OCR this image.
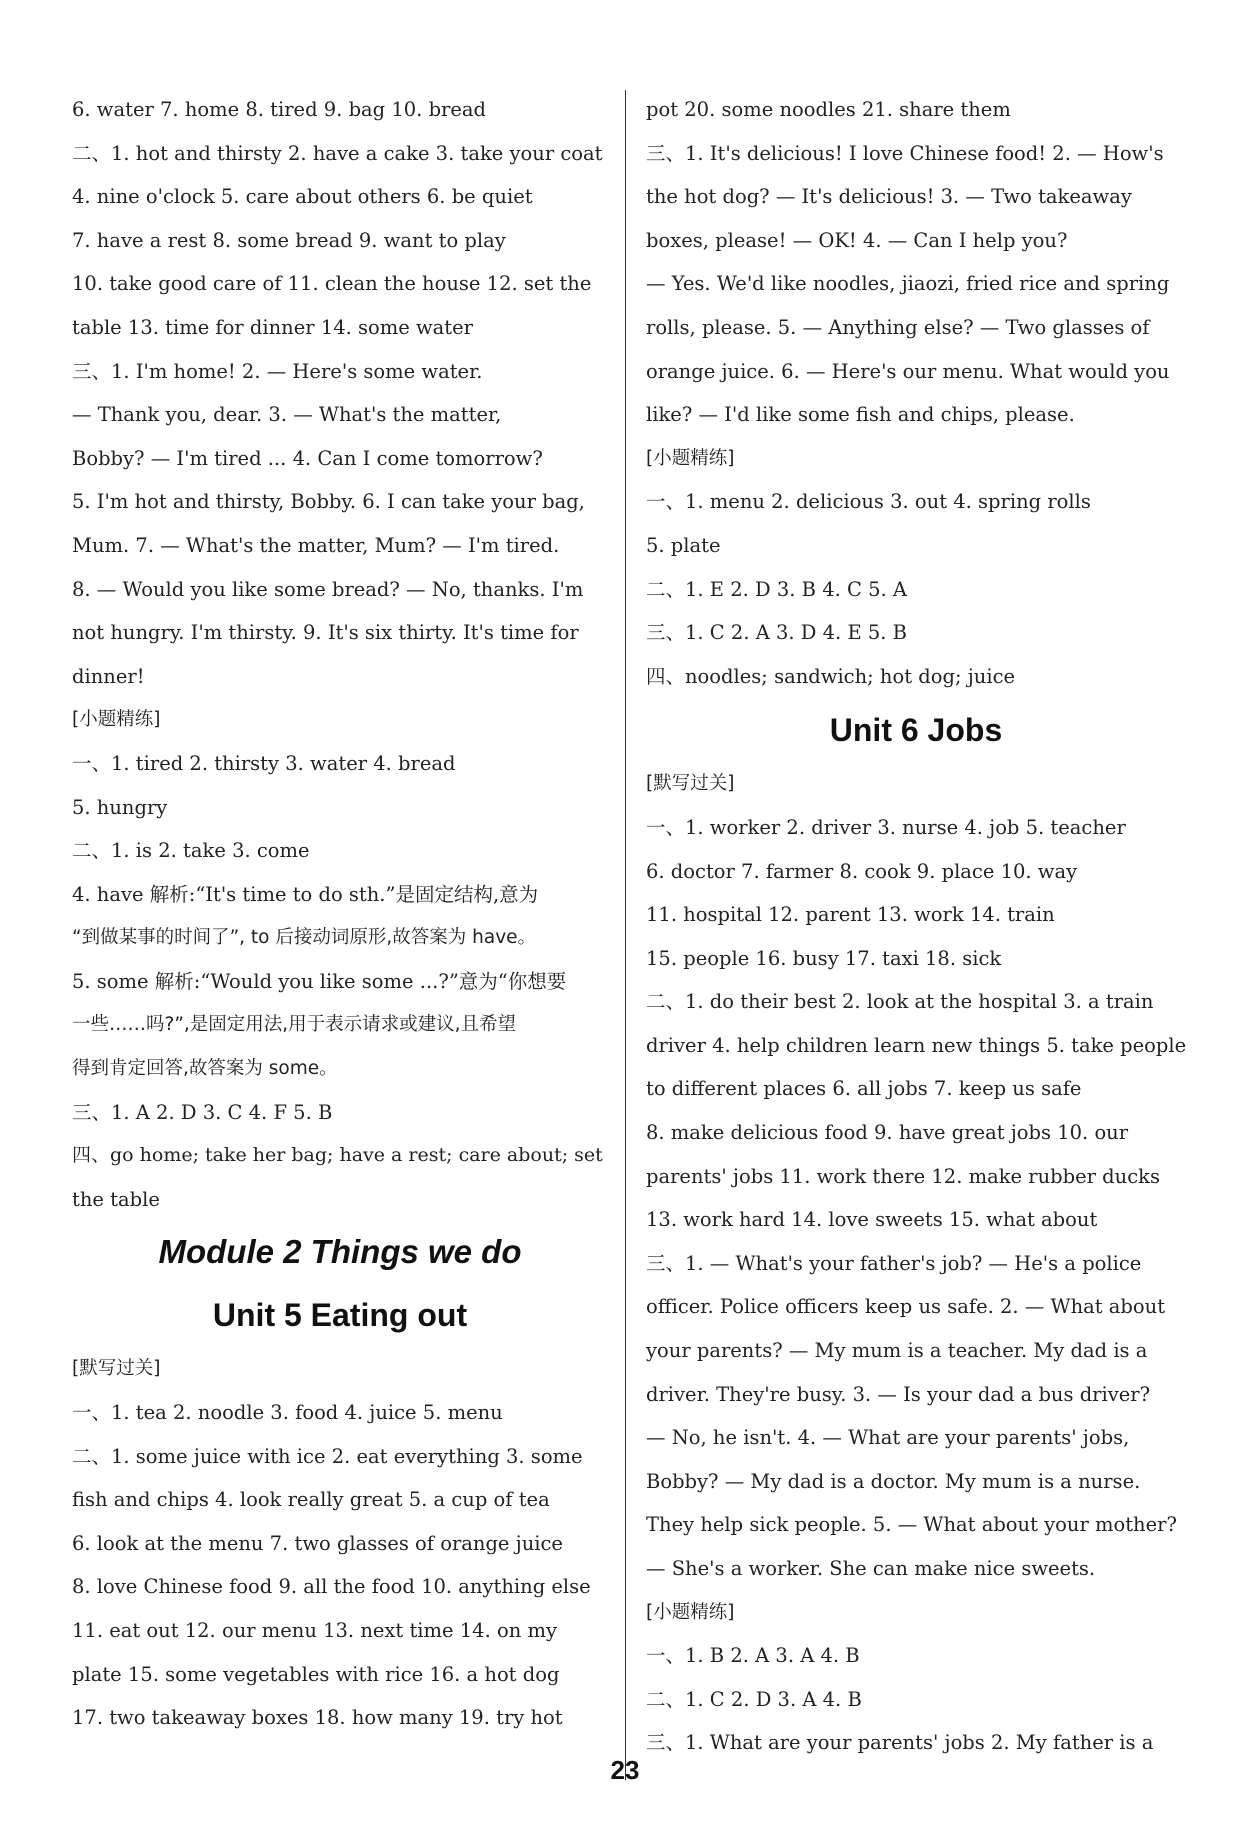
6. water 7. home 8. tired 9. bag 10. bread
二、1. hot and thirsty 2. have a cake 3. take your coat
4. nine o'clock 5. care about others 6. be quiet
7. have a rest 8. some bread 9. want to play
10. take good care of 11. clean the house 12. set the
table 13. time for dinner 14. some water
三、1. I'm home! 2. — Here's some water.
— Thank you, dear. 3. — What's the matter,
Bobby? — I'm tired ... 4. Can I come tomorrow?
5. I'm hot and thirsty, Bobby. 6. I can take your bag,
Mum. 7. — What's the matter, Mum? — I'm tired.
8. — Would you like some bread? — No, thanks. I'm
not hungry. I'm thirsty. 9. It's six thirty. It's time for
dinner!
[小题精练]
一、1. tired 2. thirsty 3. water 4. bread
5. hungry
二、1. is 2. take 3. come
4. have 解析:“It's time to do sth.”是固定结构,意为
“到做某事的时间了”, to 后接动词原形,故答案为 have。
5. some 解析:“Would you like some ...?”意为“你想要
一些……吗?”,是固定用法,用于表示请求或建议,且希望
得到肯定回答,故答案为 some。
三、1. A 2. D 3. C 4. F 5. B
四、go home; take her bag; have a rest; care about; set
the table
Module 2 Things we do
Unit 5 Eating out
[默写过关]
一、1. tea 2. noodle 3. food 4. juice 5. menu
二、1. some juice with ice 2. eat everything 3. some
fish and chips 4. look really great 5. a cup of tea
6. look at the menu 7. two glasses of orange juice
8. love Chinese food 9. all the food 10. anything else
11. eat out 12. our menu 13. next time 14. on my
plate 15. some vegetables with rice 16. a hot dog
17. two takeaway boxes 18. how many 19. try hot
pot 20. some noodles 21. share them
三、1. It's delicious! I love Chinese food! 2. — How's
the hot dog? — It's delicious! 3. — Two takeaway
boxes, please! — OK! 4. — Can I help you?
— Yes. We'd like noodles, jiaozi, fried rice and spring
rolls, please. 5. — Anything else? — Two glasses of
orange juice. 6. — Here's our menu. What would you
like? — I'd like some fish and chips, please.
[小题精练]
一、1. menu 2. delicious 3. out 4. spring rolls
5. plate
二、1. E 2. D 3. B 4. C 5. A
三、1. C 2. A 3. D 4. E 5. B
四、noodles; sandwich; hot dog; juice
Unit 6 Jobs
[默写过关]
一、1. worker 2. driver 3. nurse 4. job 5. teacher
6. doctor 7. farmer 8. cook 9. place 10. way
11. hospital 12. parent 13. work 14. train
15. people 16. busy 17. taxi 18. sick
二、1. do their best 2. look at the hospital 3. a train
driver 4. help children learn new things 5. take people
to different places 6. all jobs 7. keep us safe
8. make delicious food 9. have great jobs 10. our
parents' jobs 11. work there 12. make rubber ducks
13. work hard 14. love sweets 15. what about
三、1. — What's your father's job? — He's a police
officer. Police officers keep us safe. 2. — What about
your parents? — My mum is a teacher. My dad is a
driver. They're busy. 3. — Is your dad a bus driver?
— No, he isn't. 4. — What are your parents' jobs,
Bobby? — My dad is a doctor. My mum is a nurse.
They help sick people. 5. — What about your mother?
— She's a worker. She can make nice sweets.
[小题精练]
一、1. B 2. A 3. A 4. B
二、1. C 2. D 3. A 4. B
三、1. What are your parents' jobs 2. My father is a
23
